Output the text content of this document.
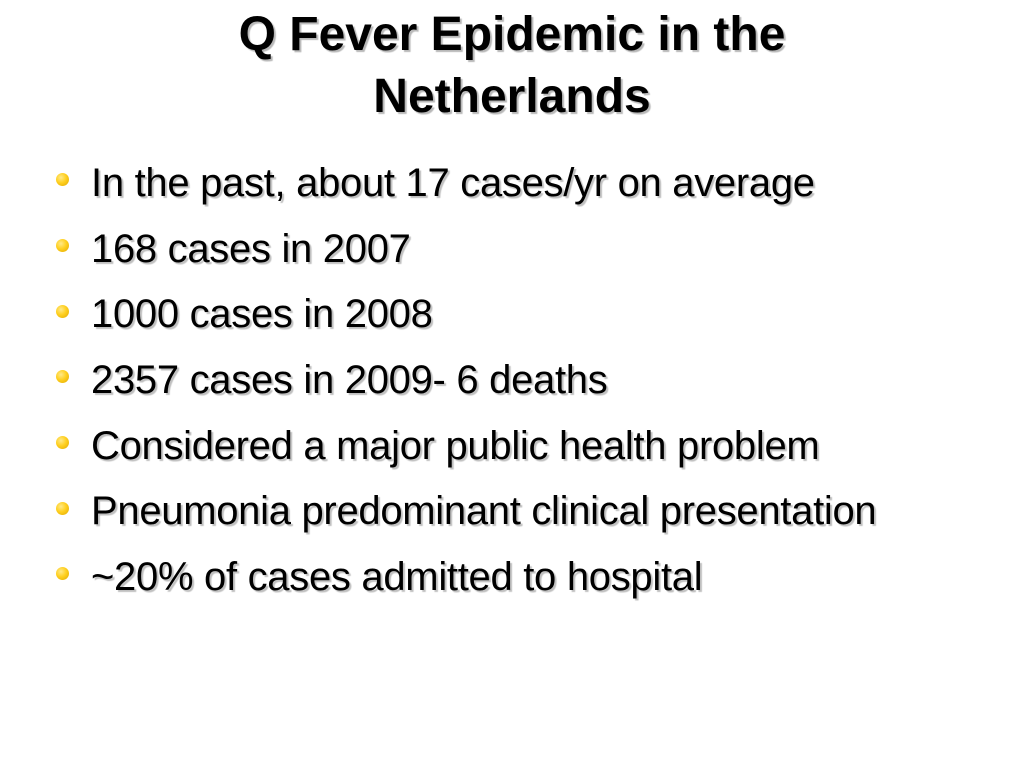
Q Fever Epidemic in the
Netherlands
In the past, about 17 cases/yr on average
168 cases in 2007
1000 cases in 2008
2357 cases in 2009- 6 deaths
Considered a major public health problem
Pneumonia predominant clinical presentation
~20% of cases admitted to hospital
